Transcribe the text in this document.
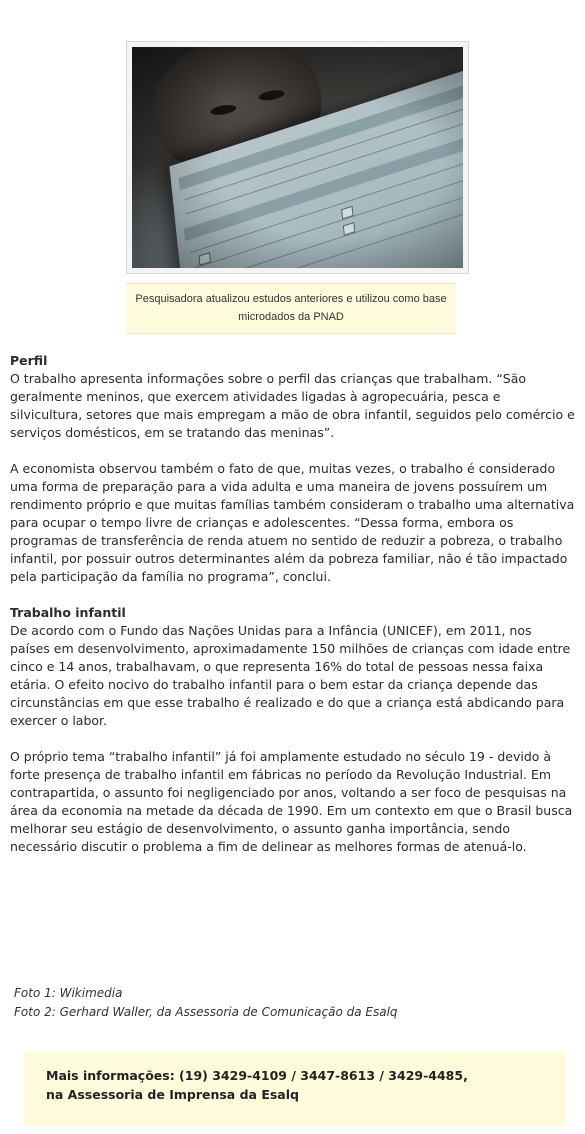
Pesquisadora atualizou estudos anteriores e utilizou como base microdados da PNAD
Perfil

O trabalho apresenta informações sobre o perfil das crianças que trabalham. “São geralmente meninos, que exercem atividades ligadas à agropecuária, pesca e silvicultura, setores que mais empregam a mão de obra infantil, seguidos pelo comércio e serviços domésticos, em se tratando das meninas”.

A economista observou também o fato de que, muitas vezes, o trabalho é considerado uma forma de preparação para a vida adulta e uma maneira de jovens possuírem um rendimento próprio e que muitas famílias também consideram o trabalho uma alternativa para ocupar o tempo livre de crianças e adolescentes. “Dessa forma, embora os programas de transferência de renda atuem no sentido de reduzir a pobreza, o trabalho infantil, por possuir outros determinantes além da pobreza familiar, não é tão impactado pela participação da família no programa”, conclui.

Trabalho infantil

De acordo com o Fundo das Nações Unidas para a Infância (UNICEF), em 2011, nos países em desenvolvimento, aproximadamente 150 milhões de crianças com idade entre cinco e 14 anos, trabalhavam, o que representa 16% do total de pessoas nessa faixa etária. O efeito nocivo do trabalho infantil para o bem estar da criança depende das circunstâncias em que esse trabalho é realizado e do que a criança está abdicando para exercer o labor.

O próprio tema “trabalho infantil” já foi amplamente estudado no século 19 - devido à forte presença de trabalho infantil em fábricas no período da Revolução Industrial. Em contrapartida, o assunto foi negligenciado por anos, voltando a ser foco de pesquisas na área da economia na metade da década de 1990. Em um contexto em que o Brasil busca melhorar seu estágio de desenvolvimento, o assunto ganha importância, sendo necessário discutir o problema a fim de delinear as melhores formas de atenuá-lo.

Foto 1: Wikimedia
Foto 2: Gerhard Waller, da Assessoria de Comunicação da Esalq
Mais informações: (19) 3429-4109 / 3447-8613 / 3429-4485,
na Assessoria de Imprensa da Esalq
